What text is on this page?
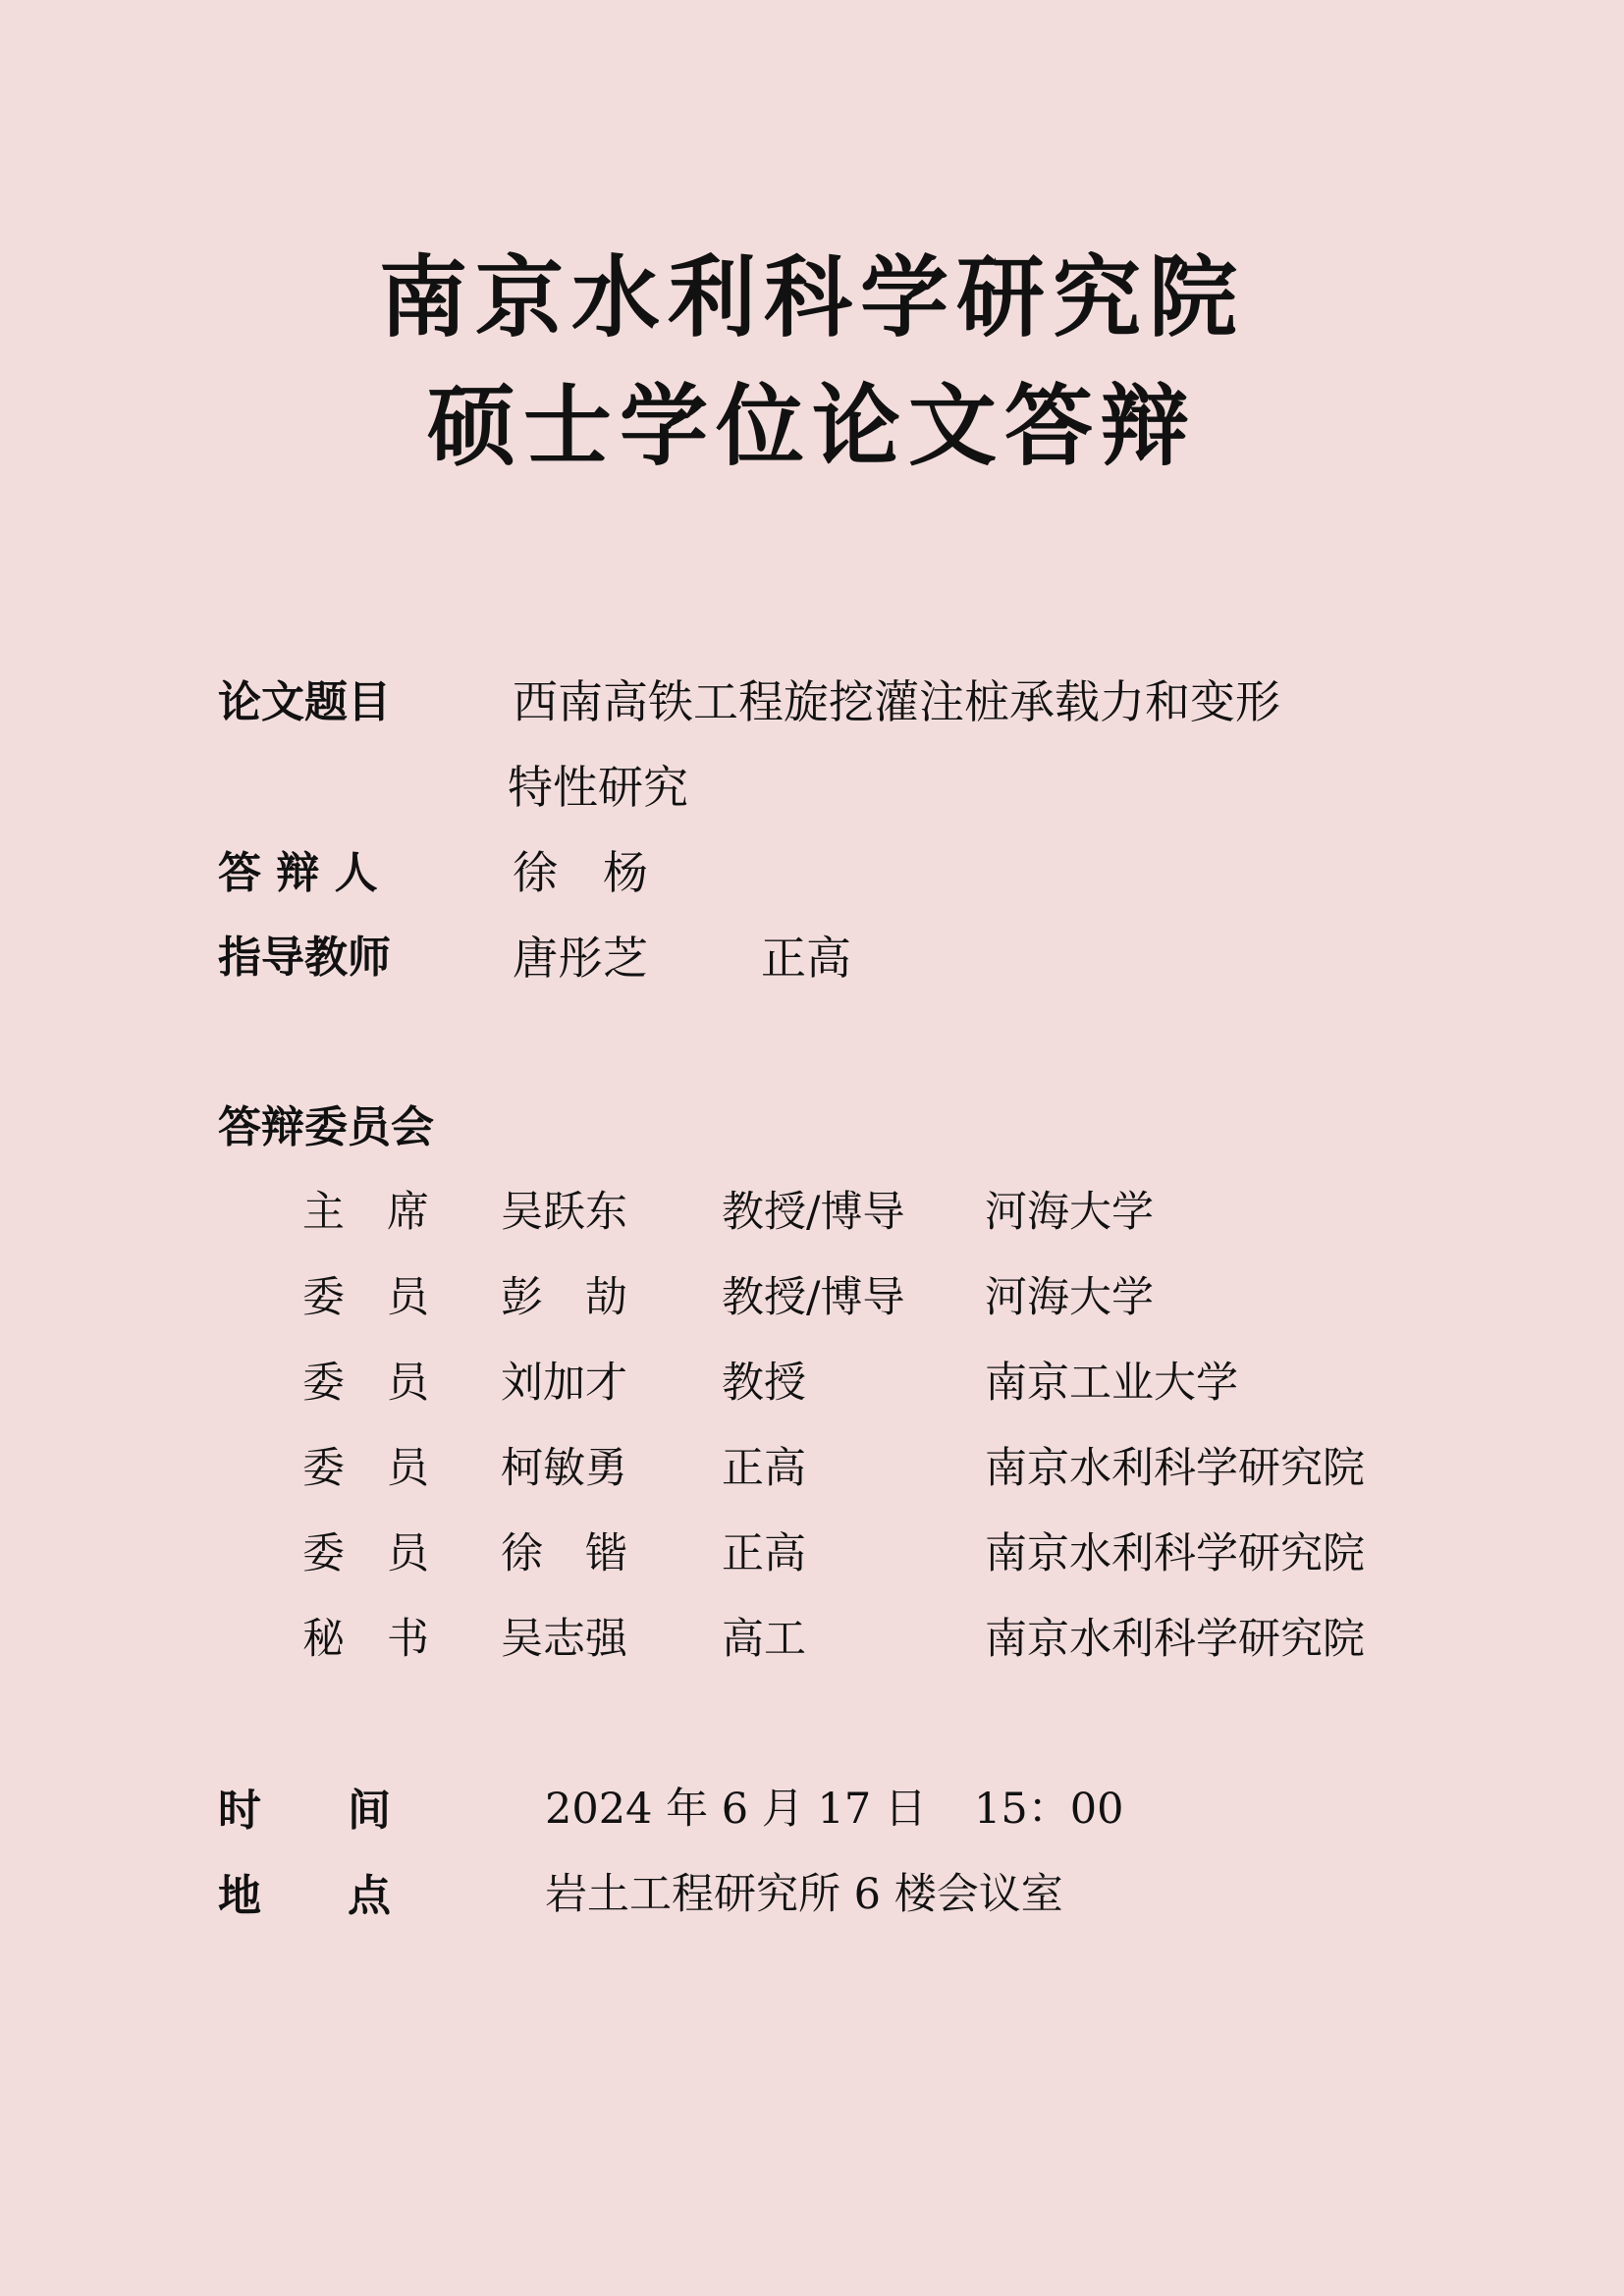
南京水利科学研究院
硕士学位论文答辩
论文题目	西南高铁工程旋挖灌注桩承载力和变形
特性研究
答 辩 人	徐　杨
指导教师	唐彤芝	正高
答辩委员会
主　席 吴跃东 教授/博导 河海大学
委　员 彭　劼 教授/博导 河海大学
委　员 刘加才 教授	南京工业大学
委　员 柯敏勇 正高	南京水利科学研究院
委　员 徐　锴 正高	南京水利科学研究院
秘　书 吴志强 高工	南京水利科学研究院
时　　间	2024 年 6 月 17 日 15：00
地　　点	岩土工程研究所 6 楼会议室
